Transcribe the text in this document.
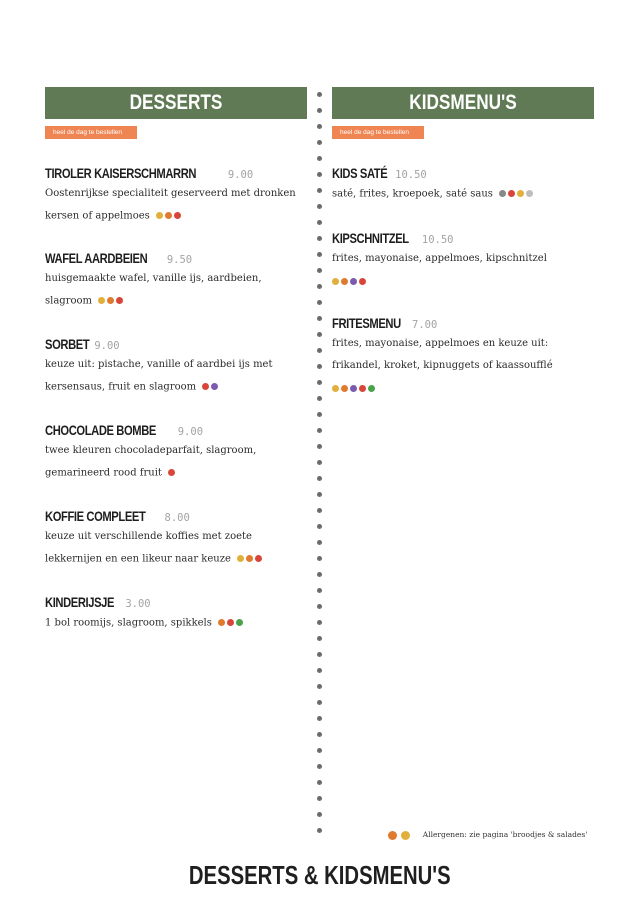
DESSERTS
heel de dag te bestellen
KIDSMENU'S
heel de dag te bestellen
Allergenen: zie pagina 'broodjes & salades'
DESSERTS & KIDSMENU'S
TIROLER KAISERSCHMARRN	9.00
Oostenrijkse specialiteit geserveerd met dronken
kersen of appelmoes
WAFEL AARDBEIEN 9.50
huisgemaakte wafel, vanille ijs, aardbeien,
slagroom
SORBET 9.00
keuze uit: pistache, vanille of aardbei ijs met
kersensaus, fruit en slagroom
CHOCOLADE BOMBE 9.00
twee kleuren chocoladeparfait, slagroom,
gemarineerd rood fruit
KOFFIE COMPLEET 8.00
keuze uit verschillende koffies met zoete
lekkernijen en een likeur naar keuze
KINDERIJSJE 3.00
1 bol roomijs, slagroom, spikkels
KIDS SATÉ 10.50
saté, frites, kroepoek, saté saus
KIPSCHNITZEL 10.50
frites, mayonaise, appelmoes, kipschnitzel
FRITESMENU 7.00
frites, mayonaise, appelmoes en keuze uit:
frikandel, kroket, kipnuggets of kaassoufflé
